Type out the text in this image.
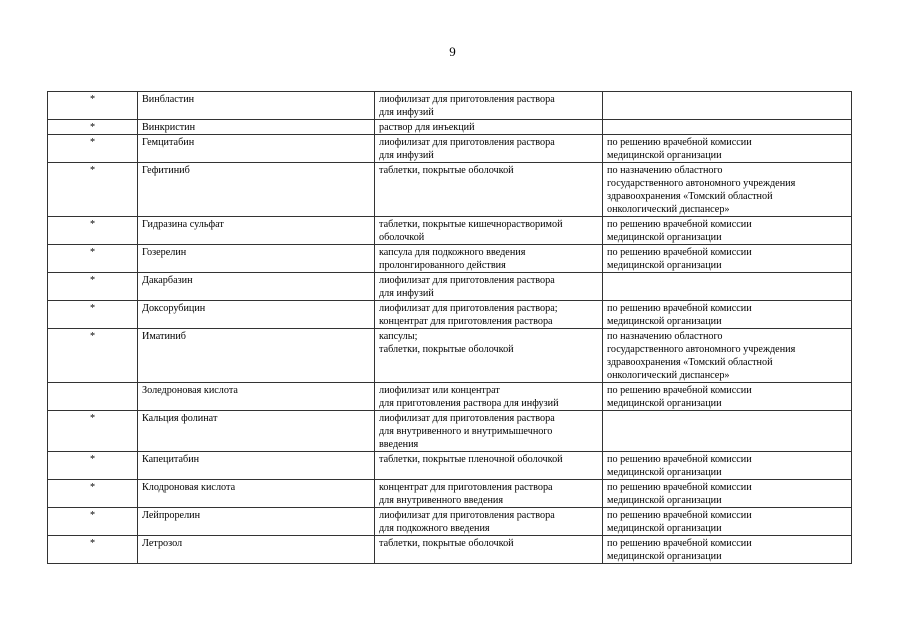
9
*	Винбластин	лиофилизат для приготовления раствора
для инфузий	

*	Винкристин	раствор для инъекций	

*	Гемцитабин	лиофилизат для приготовления раствора
для инфузий	по решению врачебной комиссии
медицинской организации

*	Гефитиниб	таблетки, покрытые оболочкой	по назначению областного
государственного автономного учреждения
здравоохранения «Томский областной
онкологический диспансер»

*	Гидразина сульфат	таблетки, покрытые кишечнорастворимой
оболочкой	по решению врачебной комиссии
медицинской организации

*	Гозерелин	капсула для подкожного введения
пролонгированного действия	по решению врачебной комиссии
медицинской организации

*	Дакарбазин	лиофилизат для приготовления раствора
для инфузий	

*	Доксорубицин	лиофилизат для приготовления раствора;
концентрат для приготовления раствора	по решению врачебной комиссии
медицинской организации

*	Иматиниб	капсулы;
таблетки, покрытые оболочкой	по назначению областного
государственного автономного учреждения
здравоохранения «Томский областной
онкологический диспансер»

	Золедроновая кислота	лиофилизат или концентрат
для приготовления раствора для инфузий	по решению врачебной комиссии
медицинской организации

*	Кальция фолинат	лиофилизат для приготовления раствора
для внутривенного и внутримышечного
введения	

*	Капецитабин	таблетки, покрытые пленочной оболочкой	по решению врачебной комиссии
медицинской организации

*	Клодроновая кислота	концентрат для приготовления раствора
для внутривенного введения	по решению врачебной комиссии
медицинской организации

*	Лейпрорелин	лиофилизат для приготовления раствора
для подкожного введения	по решению врачебной комиссии
медицинской организации

*	Летрозол	таблетки, покрытые оболочкой	по решению врачебной комиссии
медицинской организации
